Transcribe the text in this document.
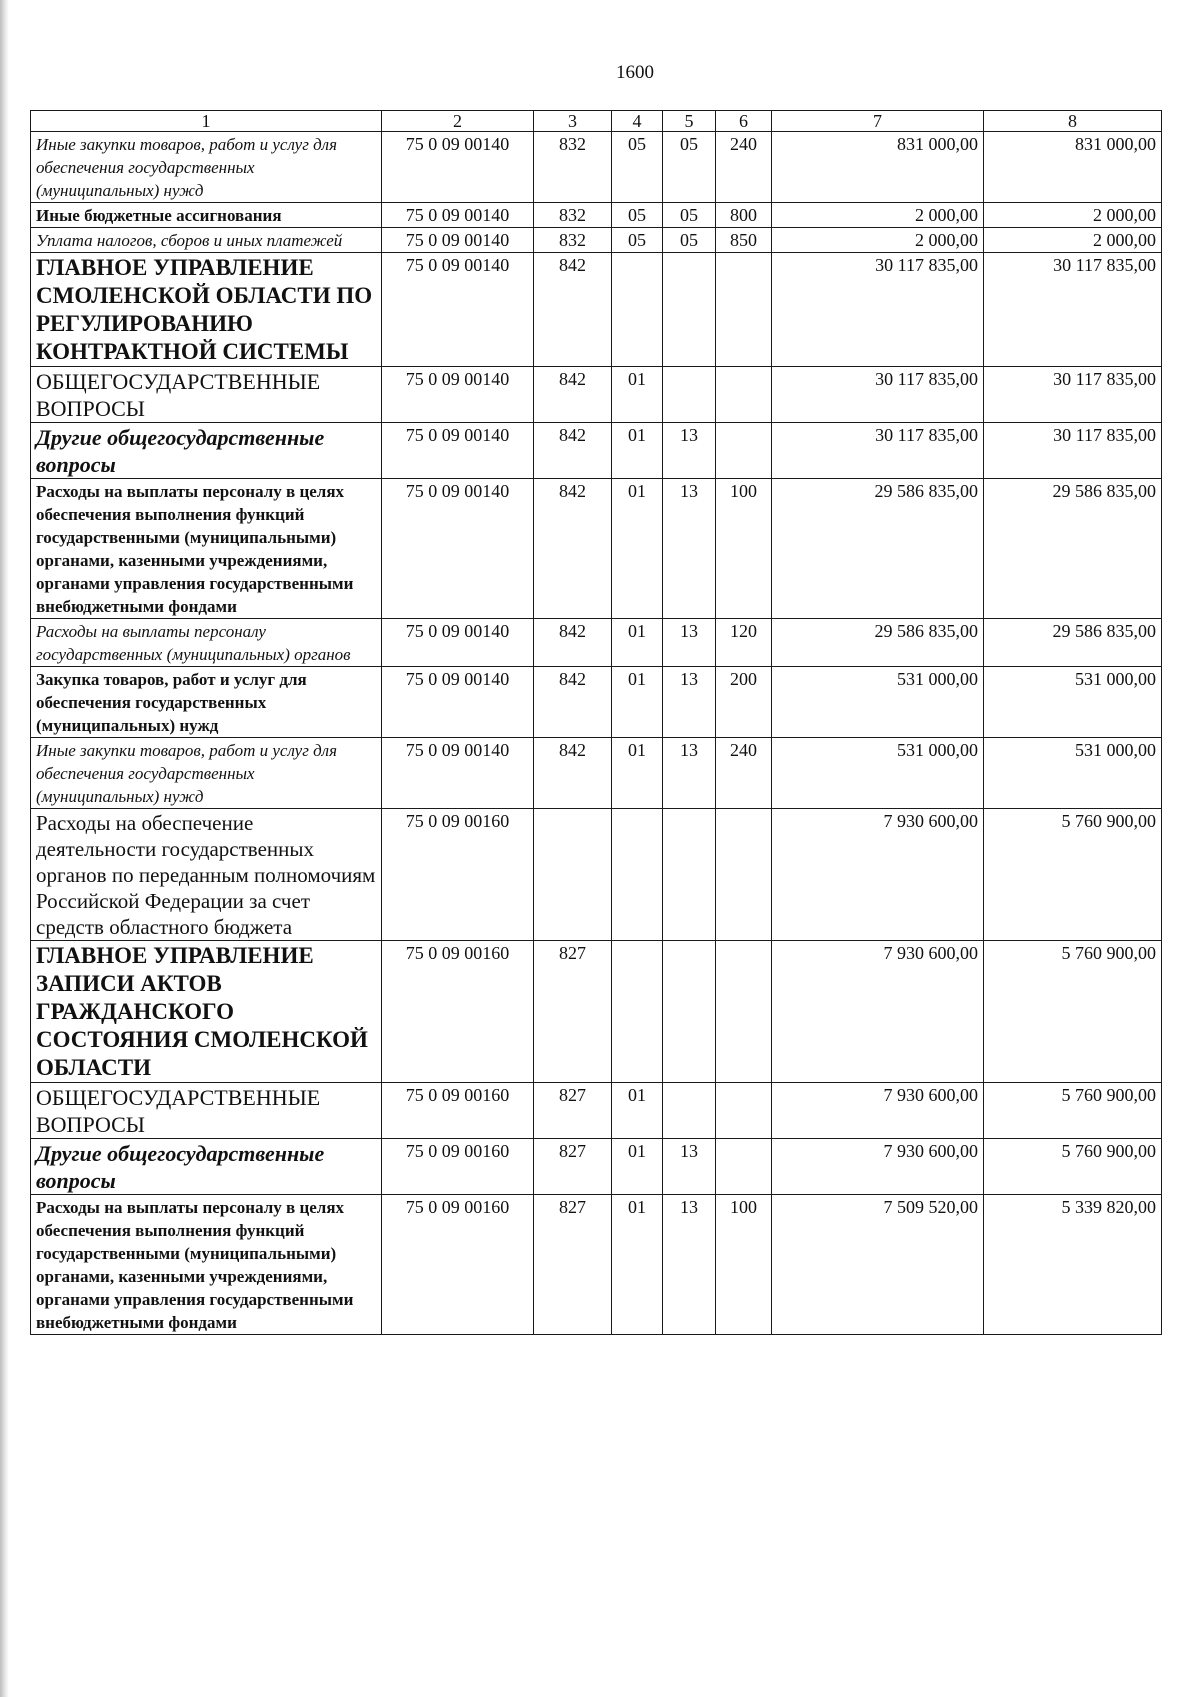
1600
1	2	3	4	5	6	7	8
Иные закупки товаров, работ и услуг для обеспечения государственных (муниципальных) нужд	75 0 09 00140	832	05	05	240	831 000,00	831 000,00
Иные бюджетные ассигнования	75 0 09 00140	832	05	05	800	2 000,00	2 000,00
Уплата налогов, сборов и иных платежей	75 0 09 00140	832	05	05	850	2 000,00	2 000,00
ГЛАВНОЕ УПРАВЛЕНИЕ СМОЛЕНСКОЙ ОБЛАСТИ ПО РЕГУЛИРОВАНИЮ КОНТРАКТНОЙ СИСТЕМЫ	75 0 09 00140	842				30 117 835,00	30 117 835,00
ОБЩЕГОСУДАРСТВЕННЫЕ ВОПРОСЫ	75 0 09 00140	842	01			30 117 835,00	30 117 835,00
Другие общегосударственные вопросы	75 0 09 00140	842	01	13		30 117 835,00	30 117 835,00
Расходы на выплаты персоналу в целях обеспечения выполнения функций государственными (муниципальными) органами, казенными учреждениями, органами управления государственными внебюджетными фондами	75 0 09 00140	842	01	13	100	29 586 835,00	29 586 835,00
Расходы на выплаты персоналу государственных (муниципальных) органов	75 0 09 00140	842	01	13	120	29 586 835,00	29 586 835,00
Закупка товаров, работ и услуг для обеспечения государственных (муниципальных) нужд	75 0 09 00140	842	01	13	200	531 000,00	531 000,00
Иные закупки товаров, работ и услуг для обеспечения государственных (муниципальных) нужд	75 0 09 00140	842	01	13	240	531 000,00	531 000,00
Расходы на обеспечение деятельности государственных органов по переданным полномочиям Российской Федерации за счет средств областного бюджета	75 0 09 00160					7 930 600,00	5 760 900,00
ГЛАВНОЕ УПРАВЛЕНИЕ ЗАПИСИ АКТОВ ГРАЖДАНСКОГО СОСТОЯНИЯ СМОЛЕНСКОЙ ОБЛАСТИ	75 0 09 00160	827				7 930 600,00	5 760 900,00
ОБЩЕГОСУДАРСТВЕННЫЕ ВОПРОСЫ	75 0 09 00160	827	01			7 930 600,00	5 760 900,00
Другие общегосударственные вопросы	75 0 09 00160	827	01	13		7 930 600,00	5 760 900,00
Расходы на выплаты персоналу в целях обеспечения выполнения функций государственными (муниципальными) органами, казенными учреждениями, органами управления государственными внебюджетными фондами	75 0 09 00160	827	01	13	100	7 509 520,00	5 339 820,00
